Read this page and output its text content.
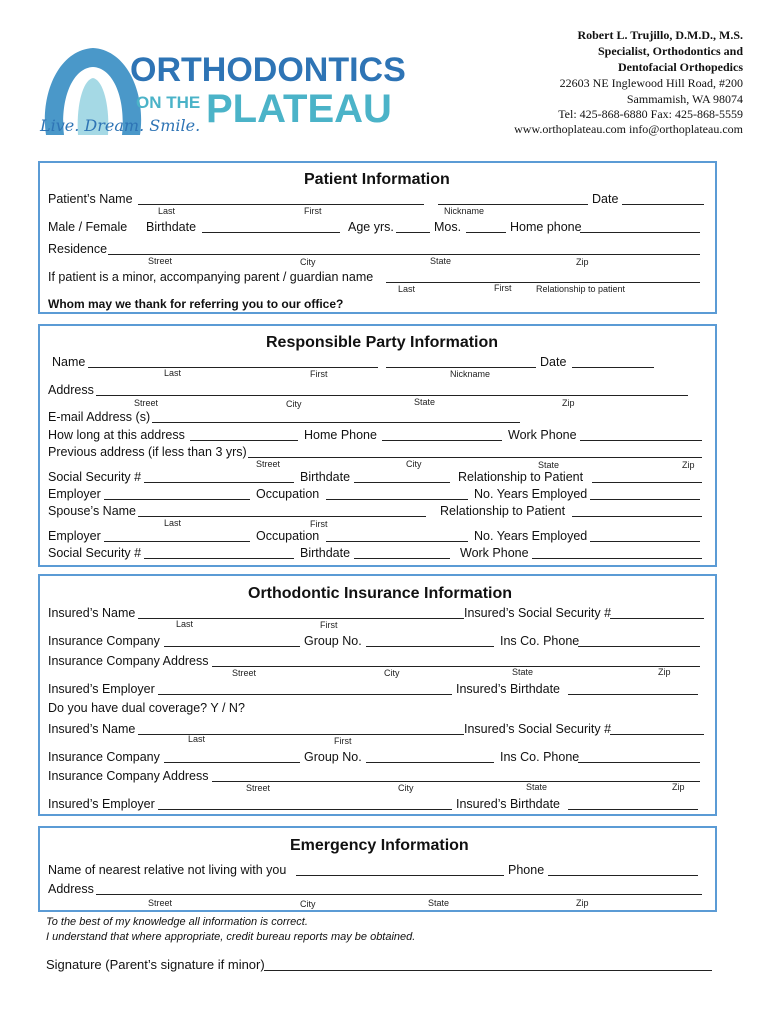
ORTHODONTICS
ON THE PLATEAU
Live. Dream. Smile.
Robert L. Trujillo, D.M.D., M.S.
Specialist, Orthodontics and
Dentofacial Orthopedics
22603 NE Inglewood Hill Road, #200
Sammamish, WA 98074
Tel: 425-868-6880 Fax: 425-868-5559
www.orthoplateau.com info@orthoplateau.com
Patient Information
Patient’s Name	Date
Last	First	Nickname
Male / Female Birthdate	Age yrs.	Mos.	Home phone
Residence
Street	City	State	Zip
If patient is a minor, accompanying parent / guardian name
Last	First	Relationship to patient
Whom may we thank for referring you to our office?
Responsible Party Information
Name	Date
Last	First	Nickname
Address
Street	City	State	Zip
E-mail Address (s)
How long at this address	Home Phone	Work Phone
Previous address (if less than 3 yrs)
Street	City	State	Zip
Social Security #	Birthdate	Relationship to Patient
Employer	Occupation	No. Years Employed
Spouse’s Name	Relationship to Patient
Last	First
Employer	Occupation	No. Years Employed
Social Security #	Birthdate	Work Phone
Orthodontic Insurance Information
Insured’s Name	Insured’s Social Security #
Last	First
Insurance Company	Group No.	Ins Co. Phone
Insurance Company Address
Street	City	State	Zip
Insured’s Employer	Insured’s Birthdate
Do you have dual coverage? Y / N?
Insured’s Name	Insured’s Social Security #
Last	First
Insurance Company	Group No.	Ins Co. Phone
Insurance Company Address
Street	City	State	Zip
Insured’s Employer	Insured’s Birthdate
Emergency Information
Name of nearest relative not living with you	Phone
Address
Street	City	State	Zip
To the best of my knowledge all information is correct.
I understand that where appropriate, credit bureau reports may be obtained.
Signature (Parent’s signature if minor)
